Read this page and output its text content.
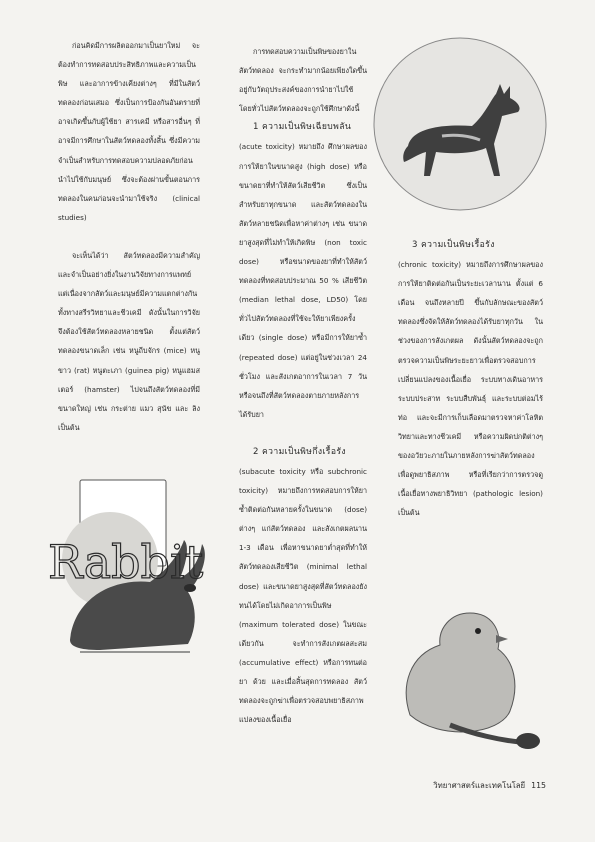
ก่อนคิดมีการผลิตออกมาเป็นยาใหม่ จะต้องทำการทดสอบประสิทธิภาพและความเป็นพิษ และอาการข้างเคียงต่างๆ ที่มีในสัตว์ทดลองก่อนเสมอ ซึ่งเป็นการป้องกันอันตรายที่อาจเกิดขึ้นกับผู้ใช้ยา สารเคมี หรือสารอื่นๆ ที่อาจมีการศึกษาในสัตว์ทดลองทั้งสิ้น ซึ่งมีความจำเป็นสำหรับการทดสอบความปลอดภัยก่อนนำไปใช้กับมนุษย์ ซึ่งจะต้องผ่านขั้นตอนการทดลองในคนก่อนจะนำมาใช้จริง (clinical studies)

จะเห็นได้ว่า สัตว์ทดลองมีความสำคัญและจำเป็นอย่างยิ่งในงานวิจัยทางการแพทย์ แต่เนื่องจากสัตว์และมนุษย์มีความแตกต่างกันทั้งทางสรีรวิทยาและชีวเคมี ดังนั้นในการวิจัยจึงต้องใช้สัตว์ทดลองหลายชนิด ตั้งแต่สัตว์ทดลองขนาดเล็ก เช่น หนูถีบจักร (mice) หนูขาว (rat) หนูตะเภา (guinea pig) หนูแฮมสเตอร์ (hamster) ไปจนถึงสัตว์ทดลองที่มีขนาดใหญ่ เช่น กระต่าย แมว สุนัข และ ลิง เป็นต้น

Rabbit

การทดสอบความเป็นพิษของยาในสัตว์ทดลอง จะกระทำมากน้อยเพียงใดขึ้นอยู่กับวัตถุประสงค์ของการนำยาไปใช้ โดยทั่วไปสัตว์ทดลองจะถูกใช้ศึกษาดังนี้

1 ความเป็นพิษเฉียบพลัน

(acute toxicity) หมายถึง ศึกษาผลของการให้ยาในขนาดสูง (high dose) หรือขนาดยาที่ทำให้สัตว์เสียชีวิต ซึ่งเป็นสำหรับยาทุกขนาด และสัตว์ทดลองในสัตว์หลายชนิดเพื่อหาค่าต่างๆ เช่น ขนาดยาสูงสุดที่ไม่ทำให้เกิดพิษ (non toxic dose) หรือขนาดของยาที่ทำให้สัตว์ทดลองที่ทดสอบประมาณ 50 % เสียชีวิต (median lethal dose, LD50) โดยทั่วไปสัตว์ทดลองที่ใช้จะให้ยาเพียงครั้งเดียว (single dose) หรือมีการให้ยาซ้ำ (repeated dose) แต่อยู่ในช่วงเวลา 24 ชั่วโมง และสังเกตอาการในเวลา 7 วัน หรือจนถึงที่สัตว์ทดลองตายภายหลังการได้รับยา

2 ความเป็นพิษกึ่งเรื้อรัง

(subacute toxicity หรือ subchronic toxicity) หมายถึงการทดสอบการให้ยาซ้ำติดต่อกันหลายครั้งในขนาด (dose) ต่างๆ แก่สัตว์ทดลอง และสังเกตผลนาน 1-3 เดือน เพื่อหาขนาดยาต่ำสุดที่ทำให้สัตว์ทดลองเสียชีวิต (minimal lethal dose) และขนาดยาสูงสุดที่สัตว์ทดลองยังทนได้โดยไม่เกิดอาการเป็นพิษ (maximum tolerated dose) ในขณะเดียวกัน จะทำการสังเกตผลสะสม (accumulative effect) หรือการทนต่อยา ด้วย และเมื่อสิ้นสุดการทดลอง สัตว์ทดลองจะถูกฆ่าเพื่อตรวจสอบพยาธิสภาพแปลงของเนื้อเยื่อ

3 ความเป็นพิษเรื้อรัง

(chronic toxicity) หมายถึงการศึกษาผลของการให้ยาติดต่อกันเป็นระยะเวลานาน ตั้งแต่ 6 เดือน จนถึงหลายปี ขึ้นกับลักษณะของสัตว์ทดลองซึ่งจัดให้สัตว์ทดลองได้รับยาทุกวัน ในช่วงของการสังเกตผล ดังนั้นสัตว์ทดลองจะถูกตรวจความเป็นพิษระยะยาวเพื่อตรวจสอบการเปลี่ยนแปลงของเนื้อเยื่อ ระบบทางเดินอาหาร ระบบประสาท ระบบสืบพันธุ์ และระบบต่อมไร้ท่อ และจะมีการเก็บเลือดมาตรวจหาค่าโลหิตวิทยาและทางชีวเคมี หรือความผิดปกติต่างๆ ของอวัยวะภายในภายหลังการฆ่าสัตว์ทดลองเพื่อดูพยาธิสภาพ หรือที่เรียกว่าการตรวจดูเนื้อเยื่อทางพยาธิวิทยา (pathologic lesion) เป็นต้น

วิทยาศาสตร์และเทคโนโลยี 115
